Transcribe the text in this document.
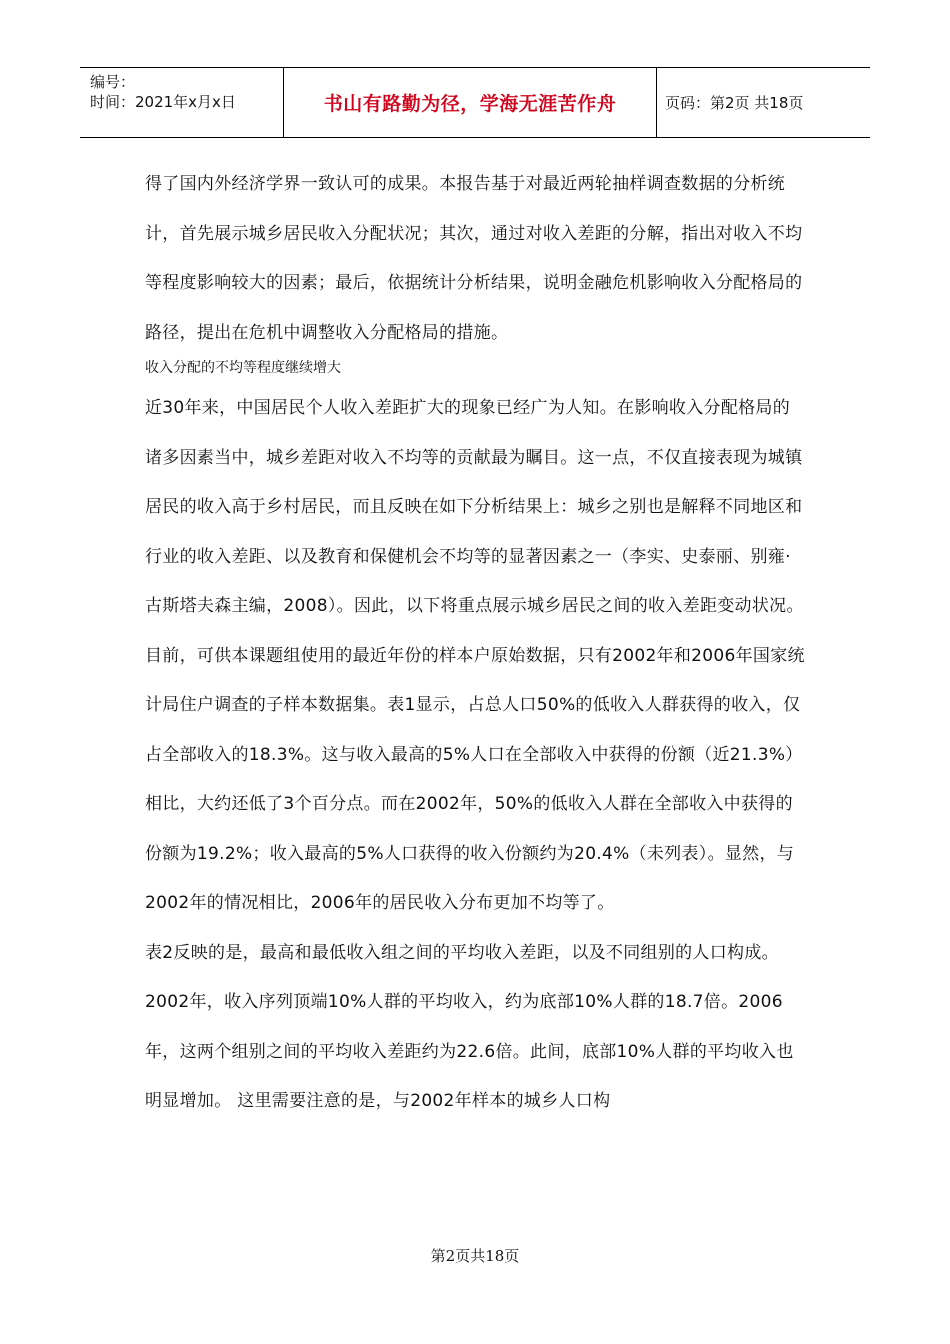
编号：
时间：2021年x月x日	书山有路勤为径，学海无涯苦作舟	页码：第2页 共18页

得了国内外经济学界一致认可的成果。本报告基于对最近两轮抽样调查数据的分析统计，首先展示城乡居民收入分配状况；其次，通过对收入差距的分解，指出对收入不均等程度影响较大的因素；最后，依据统计分析结果，说明金融危机影响收入分配格局的路径，提出在危机中调整收入分配格局的措施。

收入分配的不均等程度继续增大

近30年来，中国居民个人收入差距扩大的现象已经广为人知。在影响收入分配格局的诸多因素当中，城乡差距对收入不均等的贡献最为瞩目。这一点，不仅直接表现为城镇居民的收入高于乡村居民，而且反映在如下分析结果上：城乡之别也是解释不同地区和行业的收入差距、以及教育和保健机会不均等的显著因素之一（李实、史泰丽、别雍·古斯塔夫森主编，2008）。因此，以下将重点展示城乡居民之间的收入差距变动状况。

目前，可供本课题组使用的最近年份的样本户原始数据，只有2002年和2006年国家统计局住户调查的子样本数据集。表1显示，占总人口50%的低收入人群获得的收入，仅占全部收入的18.3%。这与收入最高的5%人口在全部收入中获得的份额（近21.3%）相比，大约还低了3个百分点。而在2002年，50%的低收入人群在全部收入中获得的份额为19.2%；收入最高的5%人口获得的收入份额约为20.4%（未列表）。显然，与2002年的情况相比，2006年的居民收入分布更加不均等了。

表2反映的是，最高和最低收入组之间的平均收入差距，以及不同组别的人口构成。2002年，收入序列顶端10%人群的平均收入，约为底部10%人群的18.7倍。2006年，这两个组别之间的平均收入差距约为22.6倍。此间，底部10%人群的平均收入也明显增加。 这里需要注意的是，与2002年样本的城乡人口构

第2页共18页
